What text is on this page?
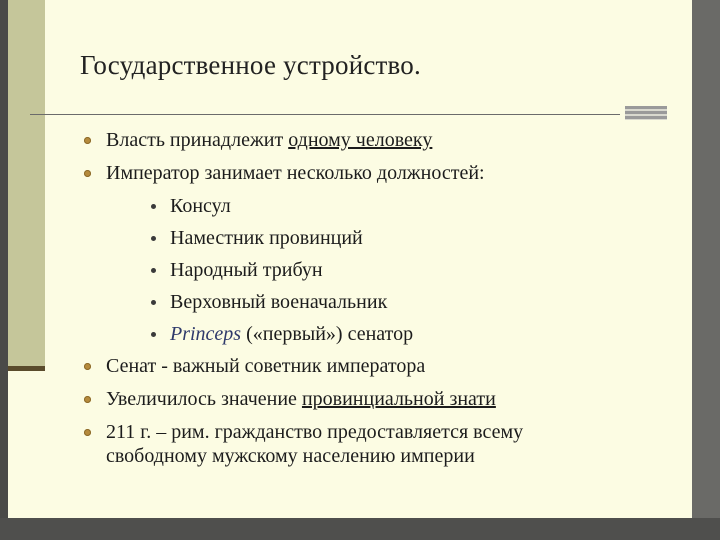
Государственное устройство.
Власть принадлежит одному человеку
Император занимает несколько должностей:
Консул
Наместник провинций
Народный трибун
Верховный военачальник
Princeps («первый») сенатор
Сенат - важный советник императора
Увеличилось значение провинциальной знати
211 г. – рим. гражданство предоставляется всему свободному мужскому населению империи
